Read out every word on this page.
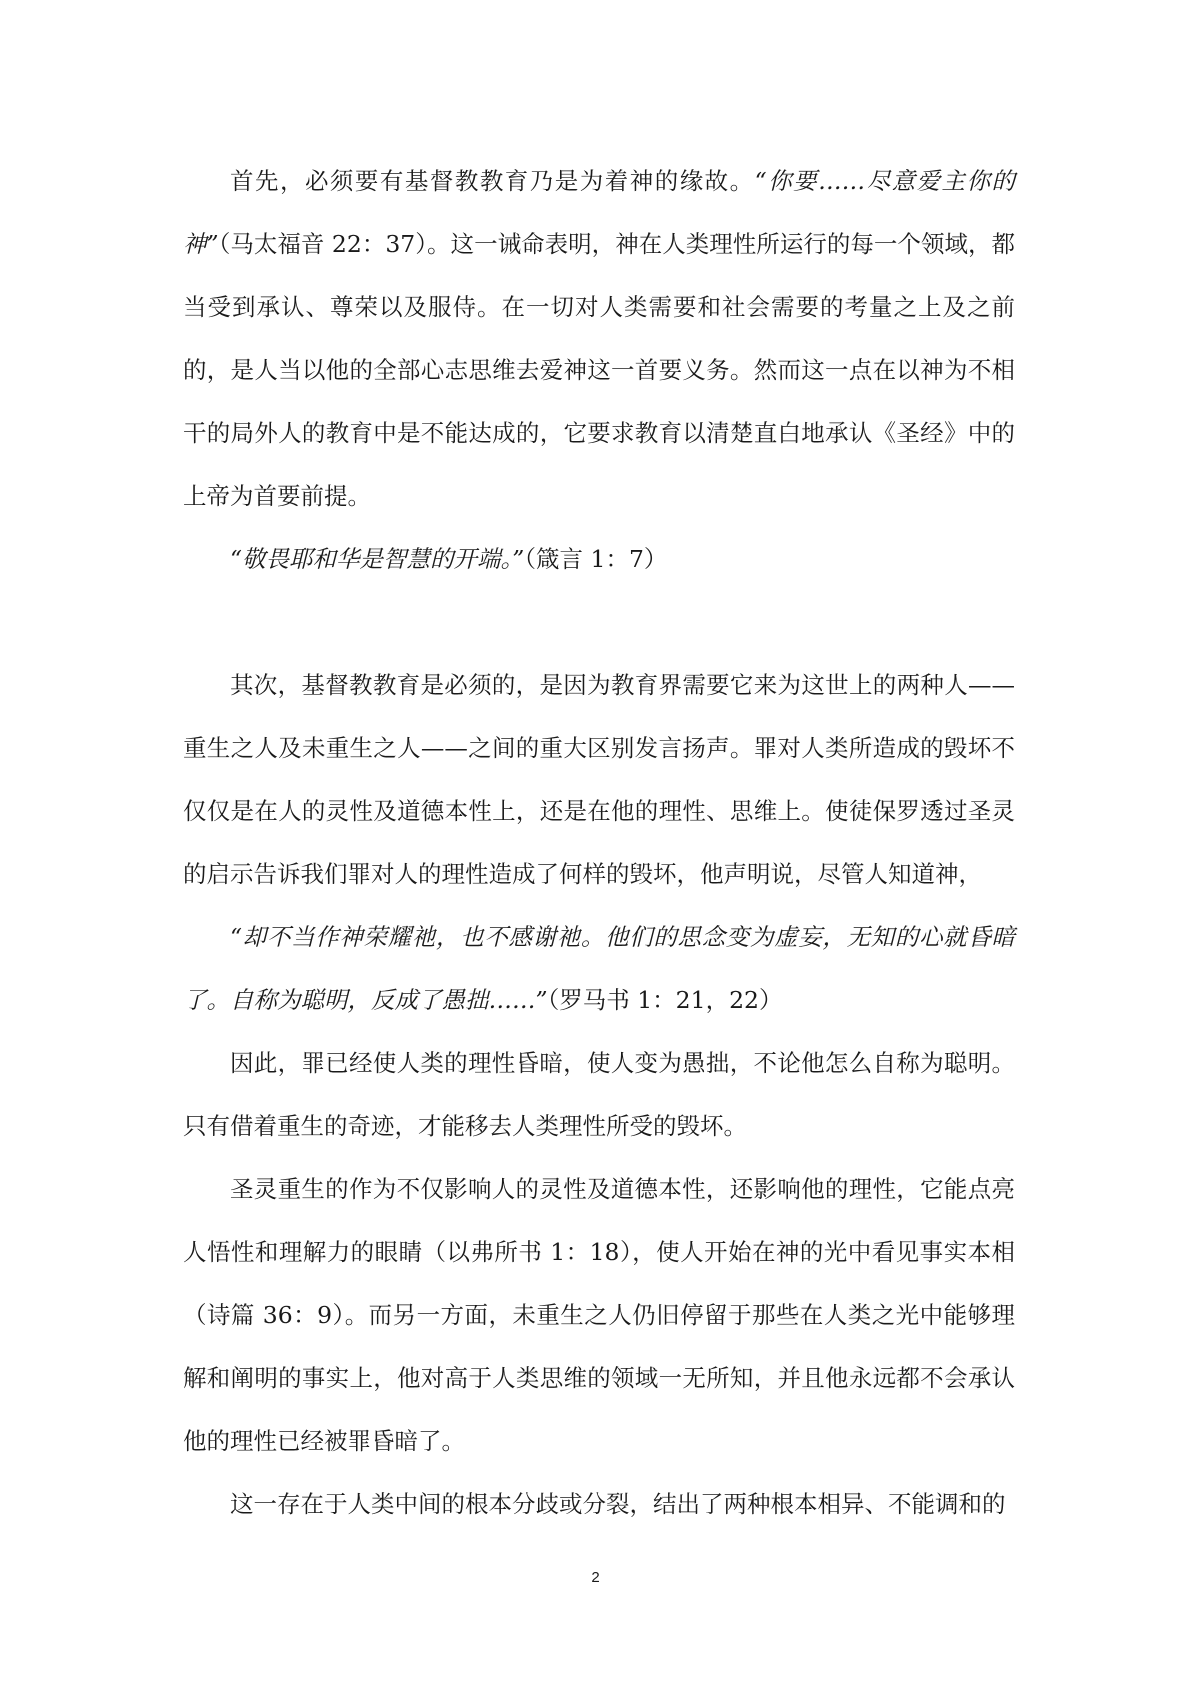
首先，必须要有基督教教育乃是为着神的缘故。“你要……尽意爱主你的神”（马太福音 22：37）。这一诫命表明，神在人类理性所运行的每一个领域，都当受到承认、尊荣以及服侍。在一切对人类需要和社会需要的考量之上及之前的，是人当以他的全部心志思维去爱神这一首要义务。然而这一点在以神为不相干的局外人的教育中是不能达成的，它要求教育以清楚直白地承认《圣经》中的上帝为首要前提。

“敬畏耶和华是智慧的开端。”（箴言 1：7）

其次，基督教教育是必须的，是因为教育界需要它来为这世上的两种人——重生之人及未重生之人——之间的重大区别发言扬声。罪对人类所造成的毁坏不仅仅是在人的灵性及道德本性上，还是在他的理性、思维上。使徒保罗透过圣灵的启示告诉我们罪对人的理性造成了何样的毁坏，他声明说，尽管人知道神，

“却不当作神荣耀祂，也不感谢祂。他们的思念变为虚妄，无知的心就昏暗了。自称为聪明，反成了愚拙……”（罗马书 1：21，22）

因此，罪已经使人类的理性昏暗，使人变为愚拙，不论他怎么自称为聪明。只有借着重生的奇迹，才能移去人类理性所受的毁坏。

圣灵重生的作为不仅影响人的灵性及道德本性，还影响他的理性，它能点亮人悟性和理解力的眼睛（以弗所书 1：18），使人开始在神的光中看见事实本相（诗篇 36：9）。而另一方面，未重生之人仍旧停留于那些在人类之光中能够理解和阐明的事实上，他对高于人类思维的领域一无所知，并且他永远都不会承认他的理性已经被罪昏暗了。

这一存在于人类中间的根本分歧或分裂，结出了两种根本相异、不能调和的

2
